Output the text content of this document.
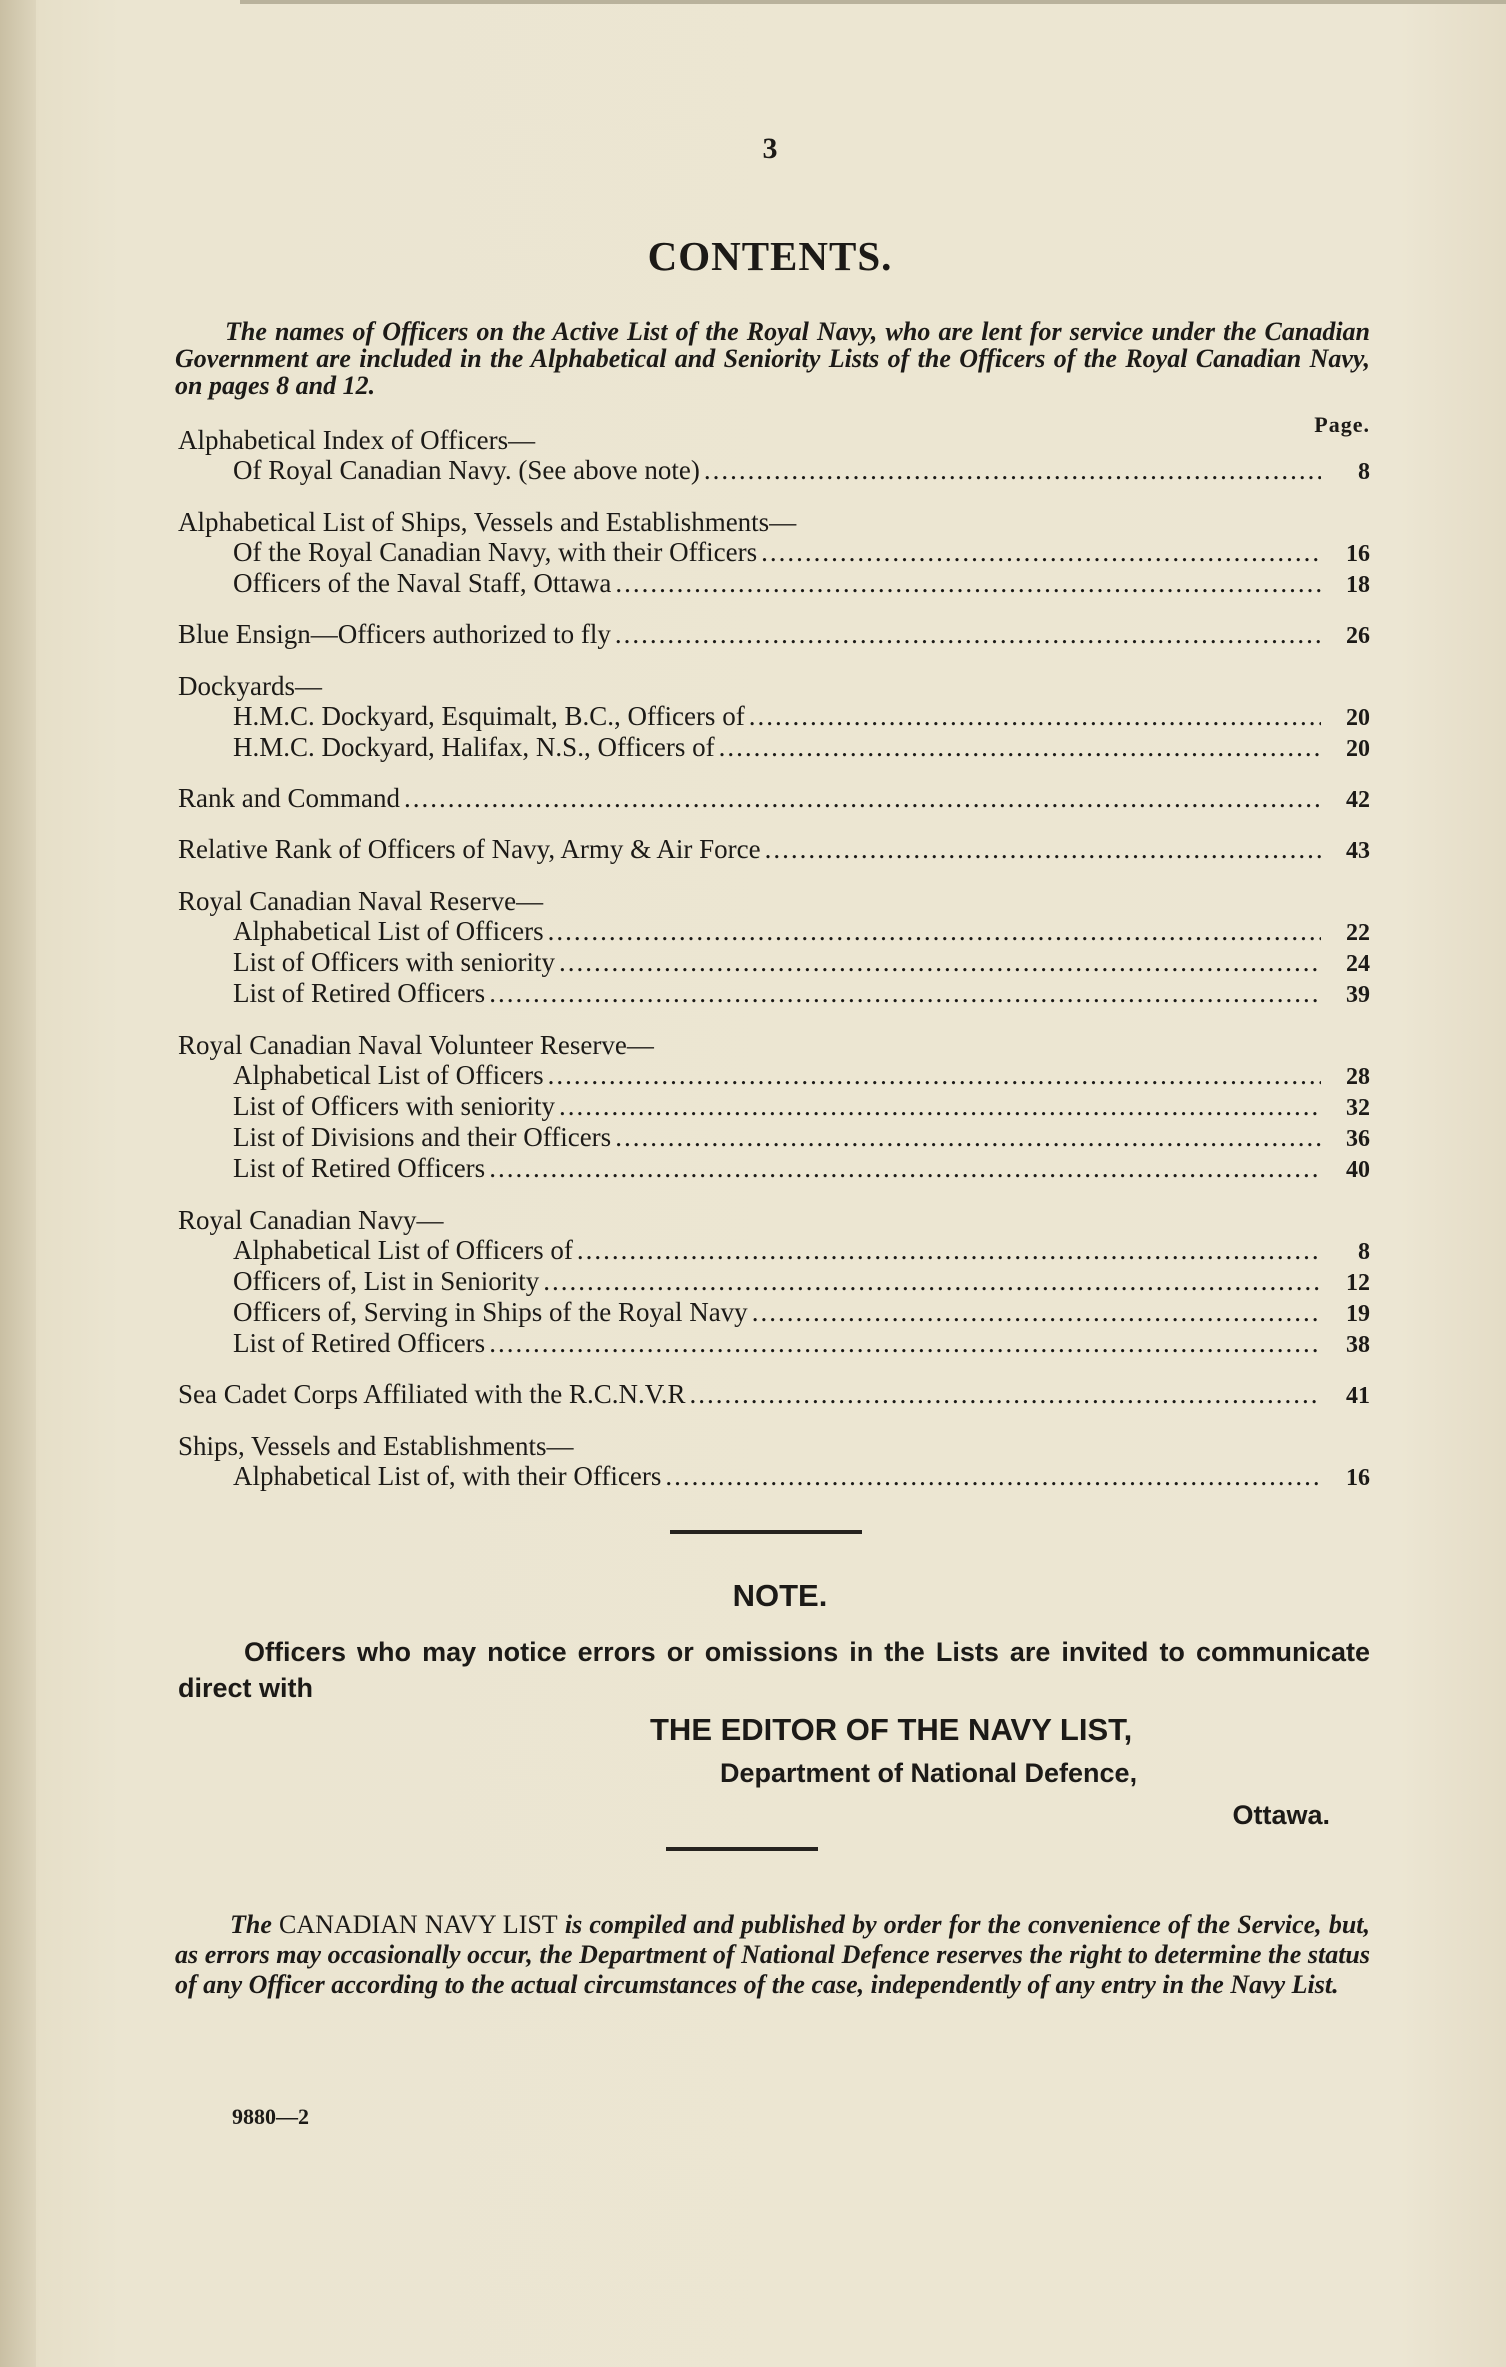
3
CONTENTS.
The names of Officers on the Active List of the Royal Navy, who are lent for service under the Canadian Government are included in the Alphabetical and Seniority Lists of the Officers of the Royal Canadian Navy, on pages 8 and 12.
Page.
Alphabetical Index of Officers—
Of Royal Canadian Navy. (See above note) .....	8
Alphabetical List of Ships, Vessels and Establishments—
Of the Royal Canadian Navy, with their Officers .....	16
Officers of the Naval Staff, Ottawa .....	18
Blue Ensign—Officers authorized to fly .....	26
Dockyards—
H.M.C. Dockyard, Esquimalt, B.C., Officers of .....	20
H.M.C. Dockyard, Halifax, N.S., Officers of .....	20
Rank and Command .....	42
Relative Rank of Officers of Navy, Army & Air Force .....	43
Royal Canadian Naval Reserve—
Alphabetical List of Officers .....	22
List of Officers with seniority .....	24
List of Retired Officers .....	39
Royal Canadian Naval Volunteer Reserve—
Alphabetical List of Officers .....	28
List of Officers with seniority .....	32
List of Divisions and their Officers .....	36
List of Retired Officers .....	40
Royal Canadian Navy—
Alphabetical List of Officers of .....	8
Officers of, List in Seniority .....	12
Officers of, Serving in Ships of the Royal Navy .....	19
List of Retired Officers .....	38
Sea Cadet Corps Affiliated with the R.C.N.V.R .....	41
Ships, Vessels and Establishments—
Alphabetical List of, with their Officers .....	16
NOTE.
Officers who may notice errors or omissions in the Lists are invited to communicate direct with
THE EDITOR OF THE NAVY LIST,
Department of National Defence,
Ottawa.
The CANADIAN NAVY LIST is compiled and published by order for the convenience of the Service, but, as errors may occasionally occur, the Department of National Defence reserves the right to determine the status of any Officer according to the actual circumstances of the case, independently of any entry in the Navy List.
9880—2
